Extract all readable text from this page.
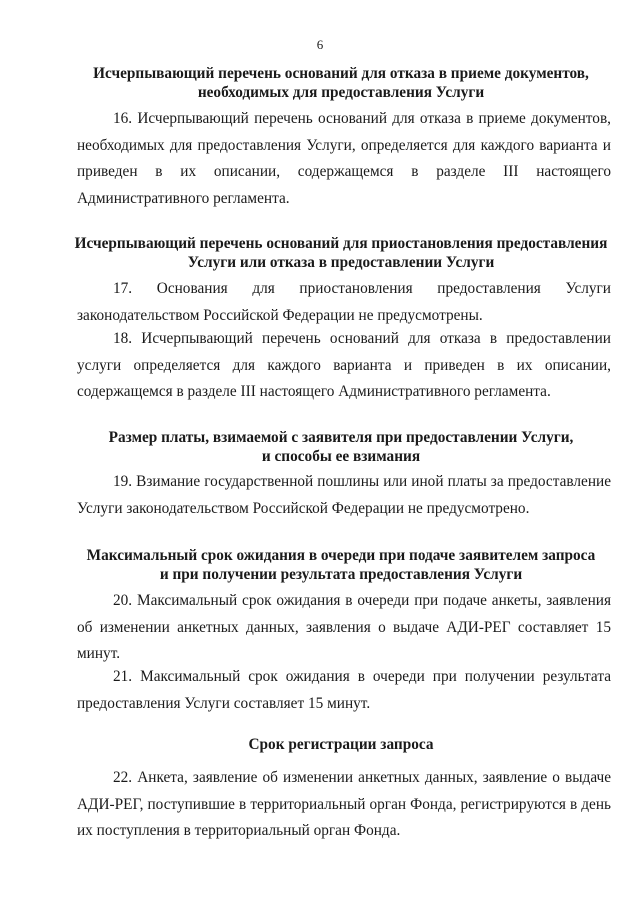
6
Исчерпывающий перечень оснований для отказа в приеме документов,
необходимых для предоставления Услуги

16. Исчерпывающий перечень оснований для отказа в приеме документов, необходимых для предоставления Услуги, определяется для каждого варианта и приведен в их описании, содержащемся в разделе III настоящего Административного регламента.

Исчерпывающий перечень оснований для приостановления предоставления
Услуги или отказа в предоставлении Услуги

17. Основания для приостановления предоставления Услуги законодательством Российской Федерации не предусмотрены.

18. Исчерпывающий перечень оснований для отказа в предоставлении услуги определяется для каждого варианта и приведен в их описании, содержащемся в разделе III настоящего Административного регламента.

Размер платы, взимаемой с заявителя при предоставлении Услуги,
и способы ее взимания

19. Взимание государственной пошлины или иной платы за предоставление Услуги законодательством Российской Федерации не предусмотрено.

Максимальный срок ожидания в очереди при подаче заявителем запроса
и при получении результата предоставления Услуги

20. Максимальный срок ожидания в очереди при подаче анкеты, заявления об изменении анкетных данных, заявления о выдаче АДИ-РЕГ составляет 15 минут.

21. Максимальный срок ожидания в очереди при получении результата предоставления Услуги составляет 15 минут.

Срок регистрации запроса

22. Анкета, заявление об изменении анкетных данных, заявление о выдаче АДИ-РЕГ, поступившие в территориальный орган Фонда, регистрируются в день их поступления в территориальный орган Фонда.
